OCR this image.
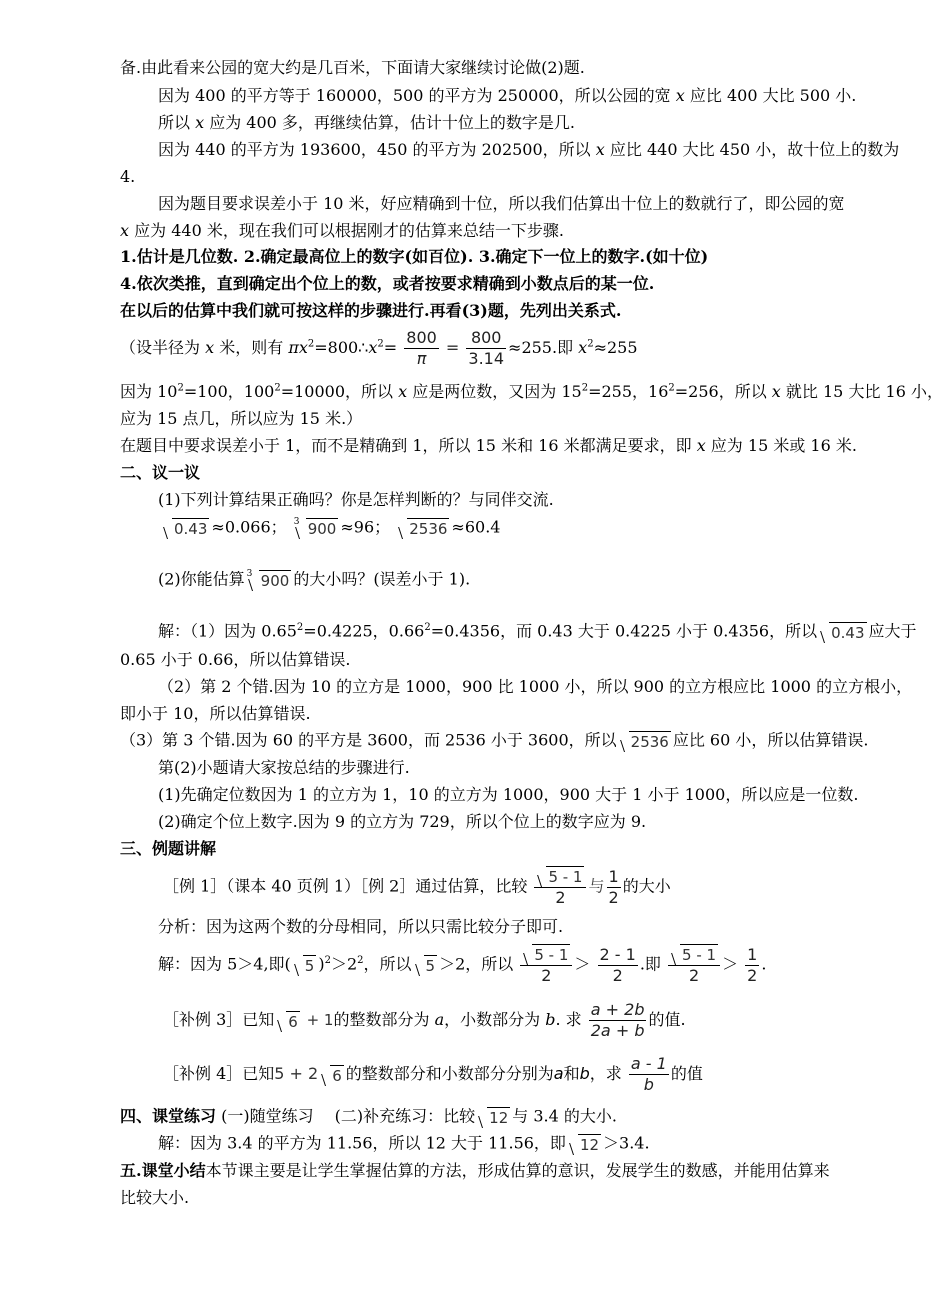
备.由此看来公园的宽大约是几百米，下面请大家继续讨论做(2)题.
因为 400 的平方等于 160000，500 的平方为 250000，所以公园的宽 x 应比 400 大比 500 小.
所以 x 应为 400 多，再继续估算，估计十位上的数字是几.
因为 440 的平方为 193600，450 的平方为 202500，所以 x 应比 440 大比 450 小，故十位上的数为
4.
因为题目要求误差小于 10 米，好应精确到十位，所以我们估算出十位上的数就行了，即公园的宽
x 应为 440 米，现在我们可以根据刚才的估算来总结一下步骤.
1.估计是几位数. 2.确定最高位上的数字(如百位). 3.确定下一位上的数字.(如十位)
4.依次类推，直到确定出个位上的数，或者按要求精确到小数点后的某一位.
在以后的估算中我们就可按这样的步骤进行.再看(3)题，先列出关系式.
（设半径为 x 米，则有 $\pi x^2=800\therefore x^2= \frac{800}{\pi} = \frac{800}{3.14} \approx 255$.即 $x^2\approx 255$
因为 $10^2=100$，$100^2=10000$，所以 x 应是两位数，又因为 $15^2=255$，$16^2=256$，所以 x 就比 15 大比 16 小，
应为 15 点几，所以应为 15 米.）
在题目中要求误差小于 1，而不是精确到 1，所以 15 米和 16 米都满足要求，即 x 应为 15 米或 16 米.
二、议一议
(1)下列计算结果正确吗？你是怎样判断的？与同伴交流.
0.43 ≈0.066； 3 900 ≈96； 2536 ≈60.4
(2)你能估算 3 900 的大小吗？(误差小于 1).
解：（1）因为 $0.65^2=0.4225$，$0.66^2=0.4356$，而 0.43 大于 0.4225 小于 0.4356，所以 0.43 应大于
0.65 小于 0.66，所以估算错误.
（2）第 2 个错.因为 10 的立方是 1000，900 比 1000 小，所以 900 的立方根应比 1000 的立方根小，
即小于 10，所以估算错误.
（3）第 3 个错.因为 60 的平方是 3600，而 2536 小于 3600，所以 2536 应比 60 小，所以估算错误.
第(2)小题请大家按总结的步骤进行.
(1)先确定位数因为 1 的立方为 1，10 的立方为 1000，900 大于 1 小于 1000，所以应是一位数.
(2)确定个位上数字.因为 9 的立方为 729，所以个位上的数字应为 9.
三、例题讲解
［例 1］（课本 40 页例 1）［例 2］通过估算，比较 $\frac{5 - 1}{2}$ 与 $\frac{1}{2}$ 的大小
分析：因为这两个数的分母相同，所以只需比较分子即可.
解：因为 5＞4,即( 5 )$^2>2^2$，所以 5 ＞2，所以 $\frac{5 - 1}{2} > \frac{2 - 1}{2}$ .即 $\frac{5 - 1}{2} > \frac{1}{2}$ .
［补例 3］已知 6 + 1的整数部分为 a，小数部分为 b. 求 $\frac{a + 2b}{2a + b}$ 的值.
［补例 4］已知5 + 2 6 的整数部分和小数部分分别为a和b，求 $\frac{a - 1}{b}$ 的值
四、课堂练习 (一)随堂练习　 (二)补充练习：比较 12 与 3.4 的大小.
解：因为 3.4 的平方为 11.56，所以 12 大于 11.56，即 12 ＞3.4.
五.课堂小结本节课主要是让学生掌握估算的方法，形成估算的意识，发展学生的数感，并能用估算来
比较大小.
